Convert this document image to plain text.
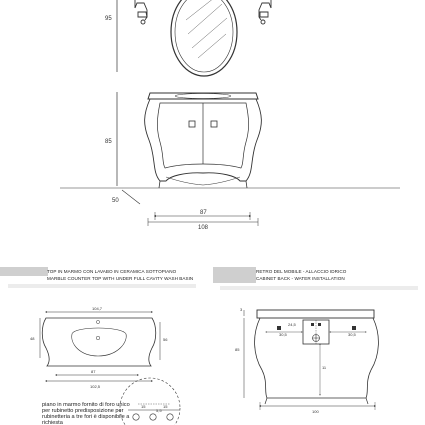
95
85
50
87
108
TOP IN MARMO CON LAVABO IN CERAMICA SOTTOPIANO
MARBLE COUNTER TOP WITH UNDER FULL CAVITY WASH BASIN
104,7
48	56
87
102,5
piano in marmo fornito di foro unico
per rubinetto predisposizione per
rubinetteria a tre fori è disponibile a
richiesta
15
5,5
15
RETRO DEL MOBILE - ALLACCIO IDRICO
CABINET BACK - WATER INSTALLATION
3
30,5	30,5
24,5
85
11
100
